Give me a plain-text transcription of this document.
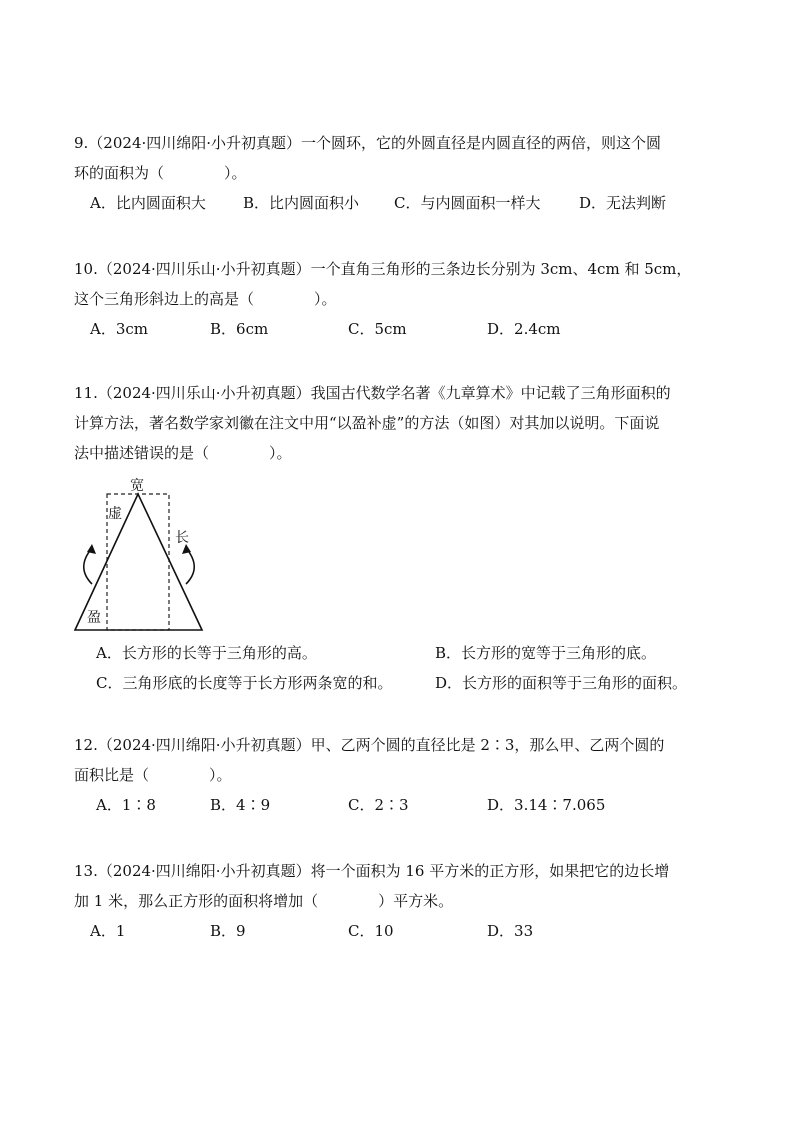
9.（2024·四川绵阳·小升初真题）一个圆环，它的外圆直径是内圆直径的两倍，则这个圆
环的面积为（　　　　）。
A．比内圆面积大 B．比内圆面积小 C．与内圆面积一样大	D．无法判断
10.（2024·四川乐山·小升初真题）一个直角三角形的三条边长分别为 3cm、4cm 和 5cm，
这个三角形斜边上的高是（　　　　）。
A．3cm	B．6cm	C．5cm	D．2.4cm
11.（2024·四川乐山·小升初真题）我国古代数学名著《九章算术》中记载了三角形面积的
计算方法，著名数学家刘徽在注文中用“以盈补虚”的方法（如图）对其加以说明。下面说
法中描述错误的是（　　　　）。
宽
虚
长
盈
A．长方形的长等于三角形的高。	B．长方形的宽等于三角形的底。
C．三角形底的长度等于长方形两条宽的和。	D．长方形的面积等于三角形的面积。
12.（2024·四川绵阳·小升初真题）甲、乙两个圆的直径比是 2∶3，那么甲、乙两个圆的
面积比是（　　　　）。
A．1∶8	B．4∶9	C．2∶3	D．3.14∶7.065
13.（2024·四川绵阳·小升初真题）将一个面积为 16 平方米的正方形，如果把它的边长增
加 1 米，那么正方形的面积将增加（　　　　）平方米。
A．1	B．9	C．10	D．33
